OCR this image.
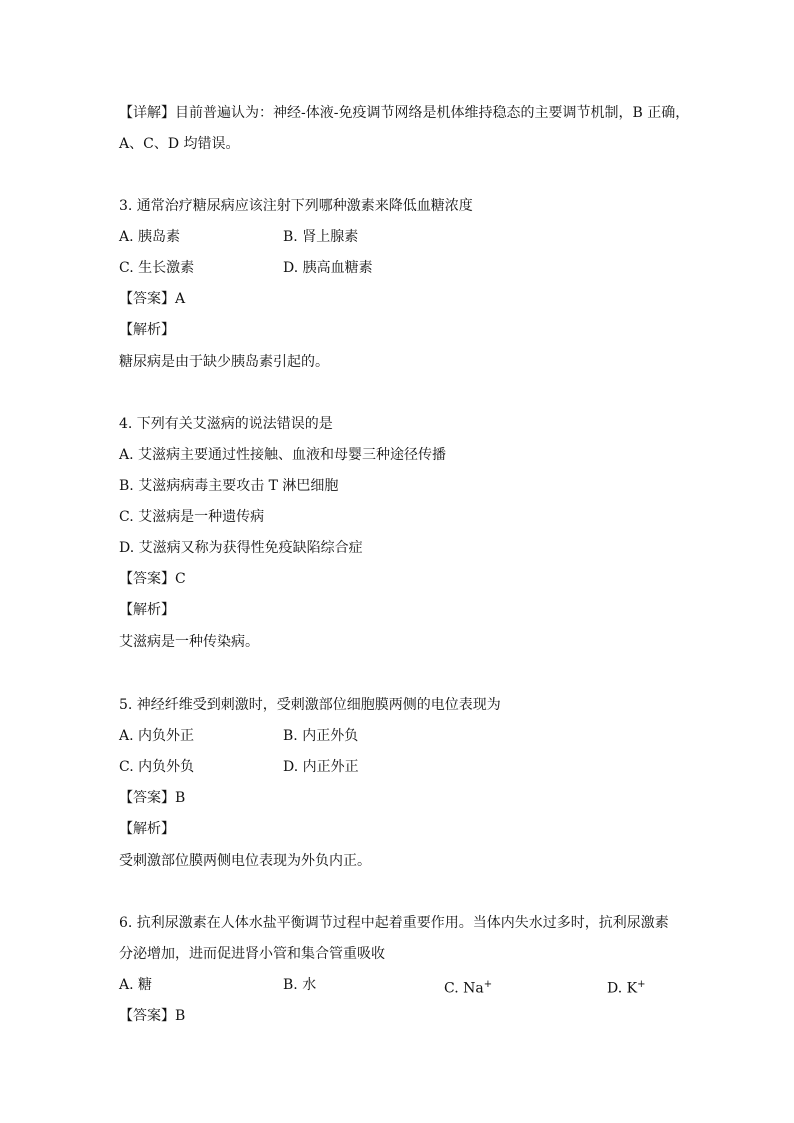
【详解】目前普遍认为：神经-体液-免疫调节网络是机体维持稳态的主要调节机制，B 正确，
A、C、D 均错误。
3. 通常治疗糖尿病应该注射下列哪种激素来降低血糖浓度
A. 胰岛素	B. 肾上腺素
C. 生长激素	D. 胰高血糖素
【答案】A
【解析】
糖尿病是由于缺少胰岛素引起的。
4. 下列有关艾滋病的说法错误的是
A. 艾滋病主要通过性接触、血液和母婴三种途径传播
B. 艾滋病病毒主要攻击 T 淋巴细胞
C. 艾滋病是一种遗传病
D. 艾滋病又称为获得性免疫缺陷综合症
【答案】C
【解析】
艾滋病是一种传染病。
5. 神经纤维受到刺激时，受刺激部位细胞膜两侧的电位表现为
A. 内负外正	B. 内正外负
C. 内负外负	D. 内正外正
【答案】B
【解析】
受刺激部位膜两侧电位表现为外负内正。
6. 抗利尿激素在人体水盐平衡调节过程中起着重要作用。当体内失水过多时，抗利尿激素
分泌增加，进而促进肾小管和集合管重吸收
A. 糖	B. 水	C. Na+	D. K+
【答案】B
